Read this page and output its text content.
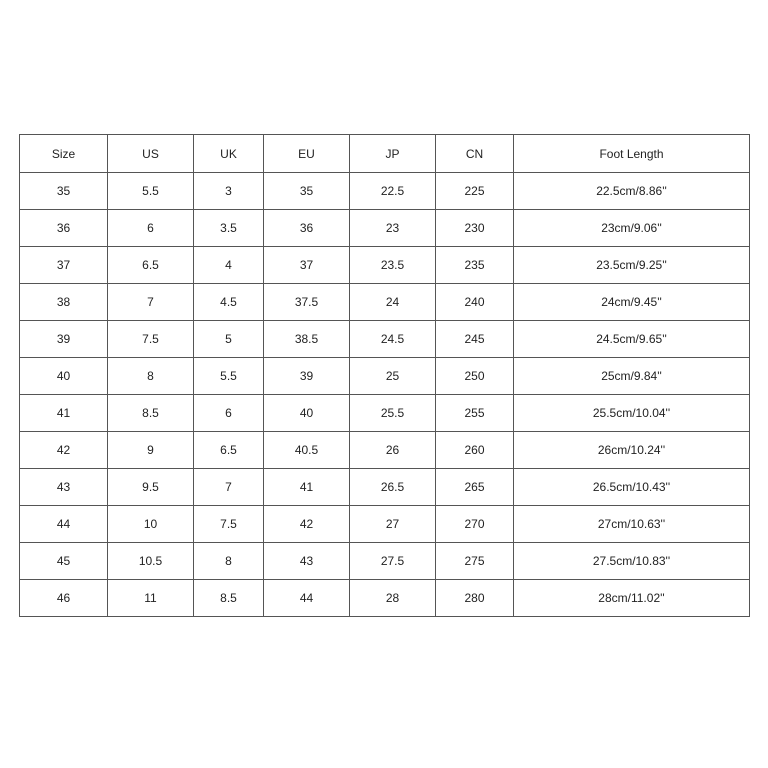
Size	US	UK	EU	JP	CN	Foot Length
35	5.5	3	35	22.5	225	22.5cm/8.86''
36	6	3.5	36	23	230	23cm/9.06''
37	6.5	4	37	23.5	235	23.5cm/9.25''
38	7	4.5	37.5	24	240	24cm/9.45''
39	7.5	5	38.5	24.5	245	24.5cm/9.65''
40	8	5.5	39	25	250	25cm/9.84''
41	8.5	6	40	25.5	255	25.5cm/10.04''
42	9	6.5	40.5	26	260	26cm/10.24''
43	9.5	7	41	26.5	265	26.5cm/10.43''
44	10	7.5	42	27	270	27cm/10.63''
45	10.5	8	43	27.5	275	27.5cm/10.83''
46	11	8.5	44	28	280	28cm/11.02''
